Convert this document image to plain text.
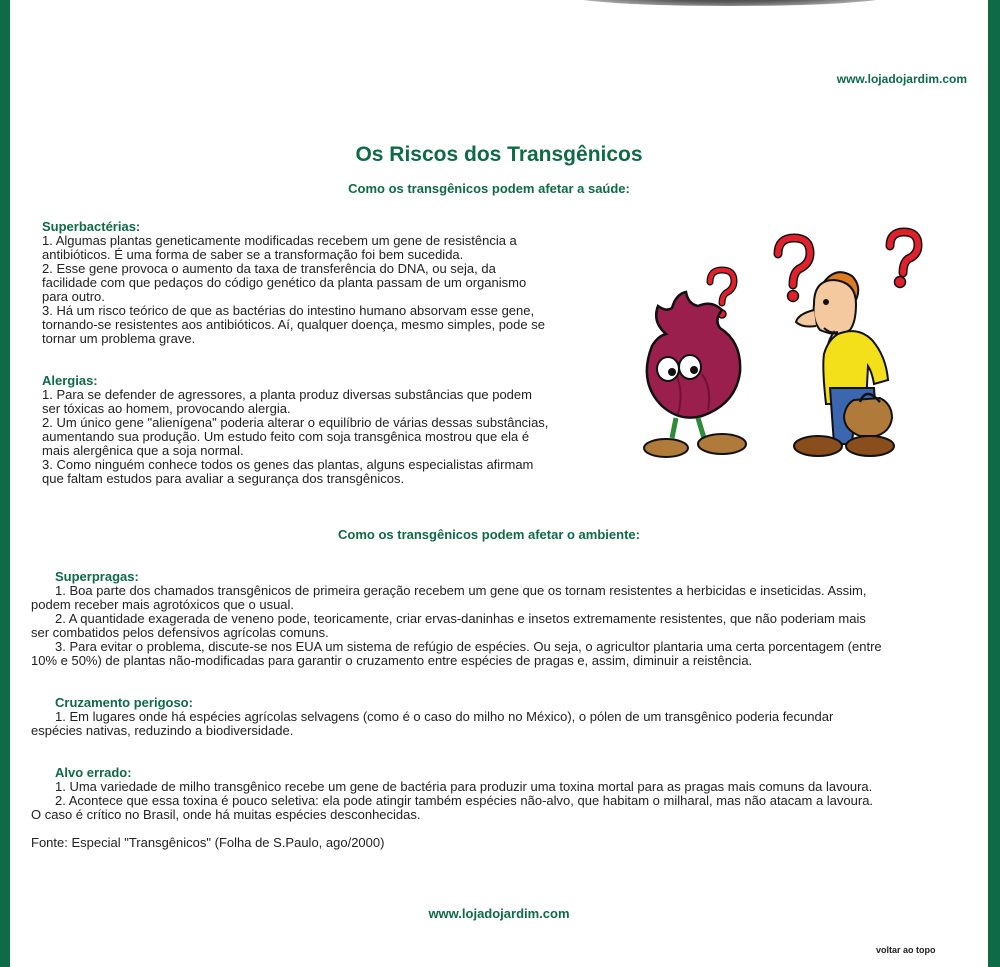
www.lojadojardim.com
Os Riscos dos Transgênicos
Como os transgênicos podem afetar a saúde:
Superbactérias:
1. Algumas plantas geneticamente modificadas recebem um gene de resistência a
antibióticos. É uma forma de saber se a transformação foi bem sucedida.
2. Esse gene provoca o aumento da taxa de transferência do DNA, ou seja, da
facilidade com que pedaços do código genético da planta passam de um organismo
para outro.
3. Há um risco teórico de que as bactérias do intestino humano absorvam esse gene,
tornando-se resistentes aos antibióticos. Aí, qualquer doença, mesmo simples, pode se
tornar um problema grave.
Alergias:
1. Para se defender de agressores, a planta produz diversas substâncias que podem
ser tóxicas ao homem, provocando alergia.
2. Um único gene "alienígena" poderia alterar o equilíbrio de várias dessas substâncias,
aumentando sua produção. Um estudo feito com soja transgênica mostrou que ela é
mais alergênica que a soja normal.
3. Como ninguém conhece todos os genes das plantas, alguns especialistas afirmam
que faltam estudos para avaliar a segurança dos transgênicos.
Como os transgênicos podem afetar o ambiente:
Superpragas:
1. Boa parte dos chamados transgênicos de primeira geração recebem um gene que os tornam resistentes a herbicidas e inseticidas. Assim,
podem receber mais agrotóxicos que o usual.
2. A quantidade exagerada de veneno pode, teoricamente, criar ervas-daninhas e insetos extremamente resistentes, que não poderiam mais
ser combatidos pelos defensivos agrícolas comuns.
3. Para evitar o problema, discute-se nos EUA um sistema de refúgio de espécies. Ou seja, o agricultor plantaria uma certa porcentagem (entre
10% e 50%) de plantas não-modificadas para garantir o cruzamento entre espécies de pragas e, assim, diminuir a reistência.
Cruzamento perigoso:
1. Em lugares onde há espécies agrícolas selvagens (como é o caso do milho no México), o pólen de um transgênico poderia fecundar
espécies nativas, reduzindo a biodiversidade.
Alvo errado:
1. Uma variedade de milho transgênico recebe um gene de bactéria para produzir uma toxina mortal para as pragas mais comuns da lavoura.
2. Acontece que essa toxina é pouco seletiva: ela pode atingir também espécies não-alvo, que habitam o milharal, mas não atacam a lavoura.
O caso é crítico no Brasil, onde há muitas espécies desconhecidas.
Fonte: Especial "Transgênicos" (Folha de S.Paulo, ago/2000)
www.lojadojardim.com
voltar ao topo
